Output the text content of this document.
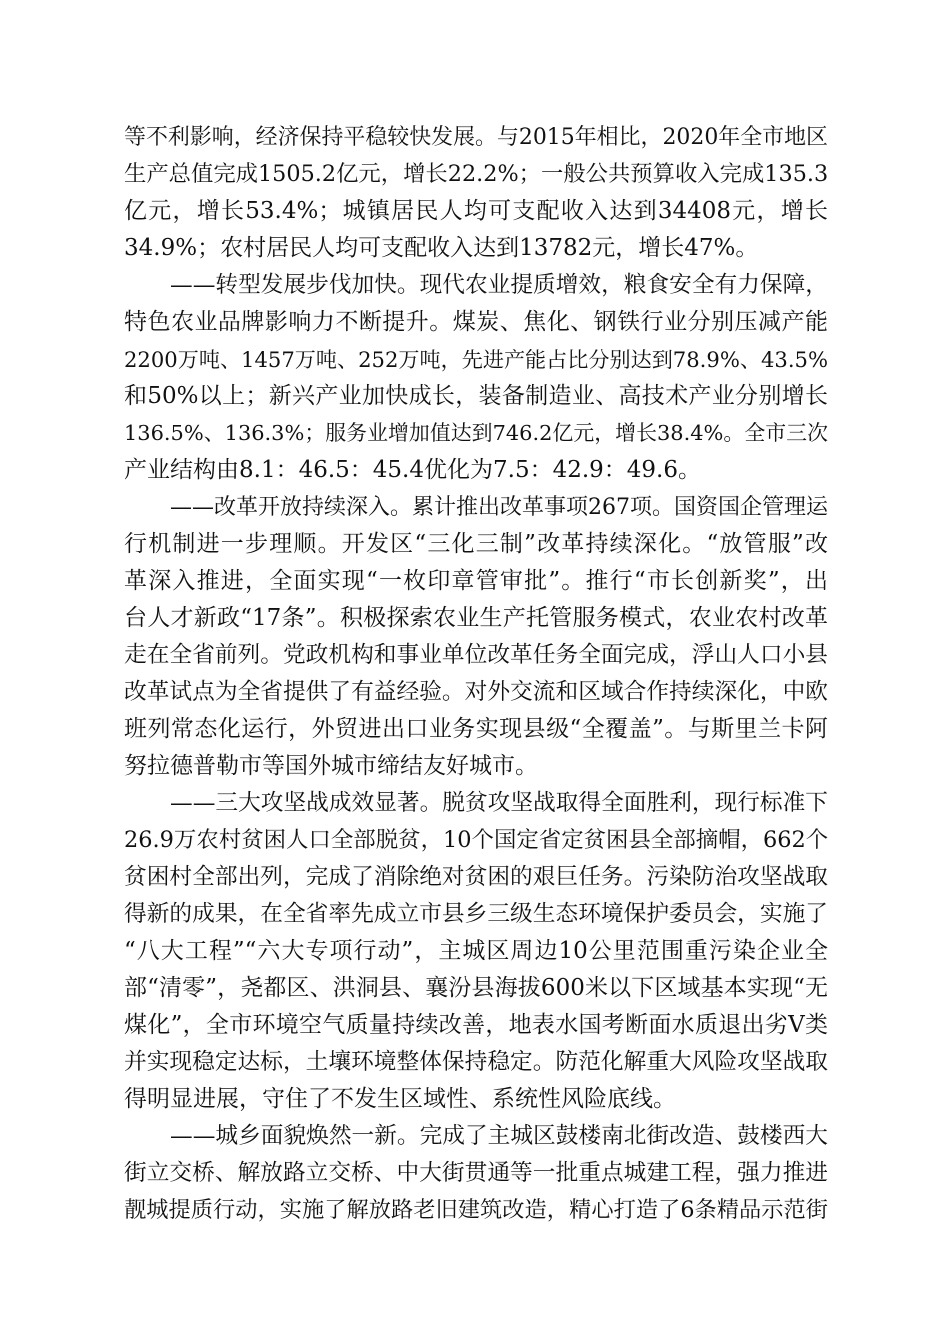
等不利影响，经济保持平稳较快发展。与2015年相比，2020年全市地区
生产总值完成1505.2亿元，增长22.2%；一般公共预算收入完成135.3
亿元，增长53.4%；城镇居民人均可支配收入达到34408元，增长
34.9%；农村居民人均可支配收入达到13782元，增长47%。
——转型发展步伐加快。现代农业提质增效，粮食安全有力保障，
特色农业品牌影响力不断提升。煤炭、焦化、钢铁行业分别压减产能
2200万吨、1457万吨、252万吨，先进产能占比分别达到78.9%、43.5%
和50%以上；新兴产业加快成长，装备制造业、高技术产业分别增长
136.5%、136.3%；服务业增加值达到746.2亿元，增长38.4%。全市三次
产业结构由8.1：46.5：45.4优化为7.5：42.9：49.6。
——改革开放持续深入。累计推出改革事项267项。国资国企管理运
行机制进一步理顺。开发区“三化三制”改革持续深化。“放管服”改
革深入推进，全面实现“一枚印章管审批”。推行“市长创新奖”，出
台人才新政“17条”。积极探索农业生产托管服务模式，农业农村改革
走在全省前列。党政机构和事业单位改革任务全面完成，浮山人口小县
改革试点为全省提供了有益经验。对外交流和区域合作持续深化，中欧
班列常态化运行，外贸进出口业务实现县级“全覆盖”。与斯里兰卡阿
努拉德普勒市等国外城市缔结友好城市。
——三大攻坚战成效显著。脱贫攻坚战取得全面胜利，现行标准下
26.9万农村贫困人口全部脱贫，10个国定省定贫困县全部摘帽，662个
贫困村全部出列，完成了消除绝对贫困的艰巨任务。污染防治攻坚战取
得新的成果，在全省率先成立市县乡三级生态环境保护委员会，实施了
“八大工程”“六大专项行动”，主城区周边10公里范围重污染企业全
部“清零”，尧都区、洪洞县、襄汾县海拔600米以下区域基本实现“无
煤化”，全市环境空气质量持续改善，地表水国考断面水质退出劣Ⅴ类
并实现稳定达标，土壤环境整体保持稳定。防范化解重大风险攻坚战取
得明显进展，守住了不发生区域性、系统性风险底线。
——城乡面貌焕然一新。完成了主城区鼓楼南北街改造、鼓楼西大
街立交桥、解放路立交桥、中大街贯通等一批重点城建工程，强力推进
靓城提质行动，实施了解放路老旧建筑改造，精心打造了6条精品示范街
